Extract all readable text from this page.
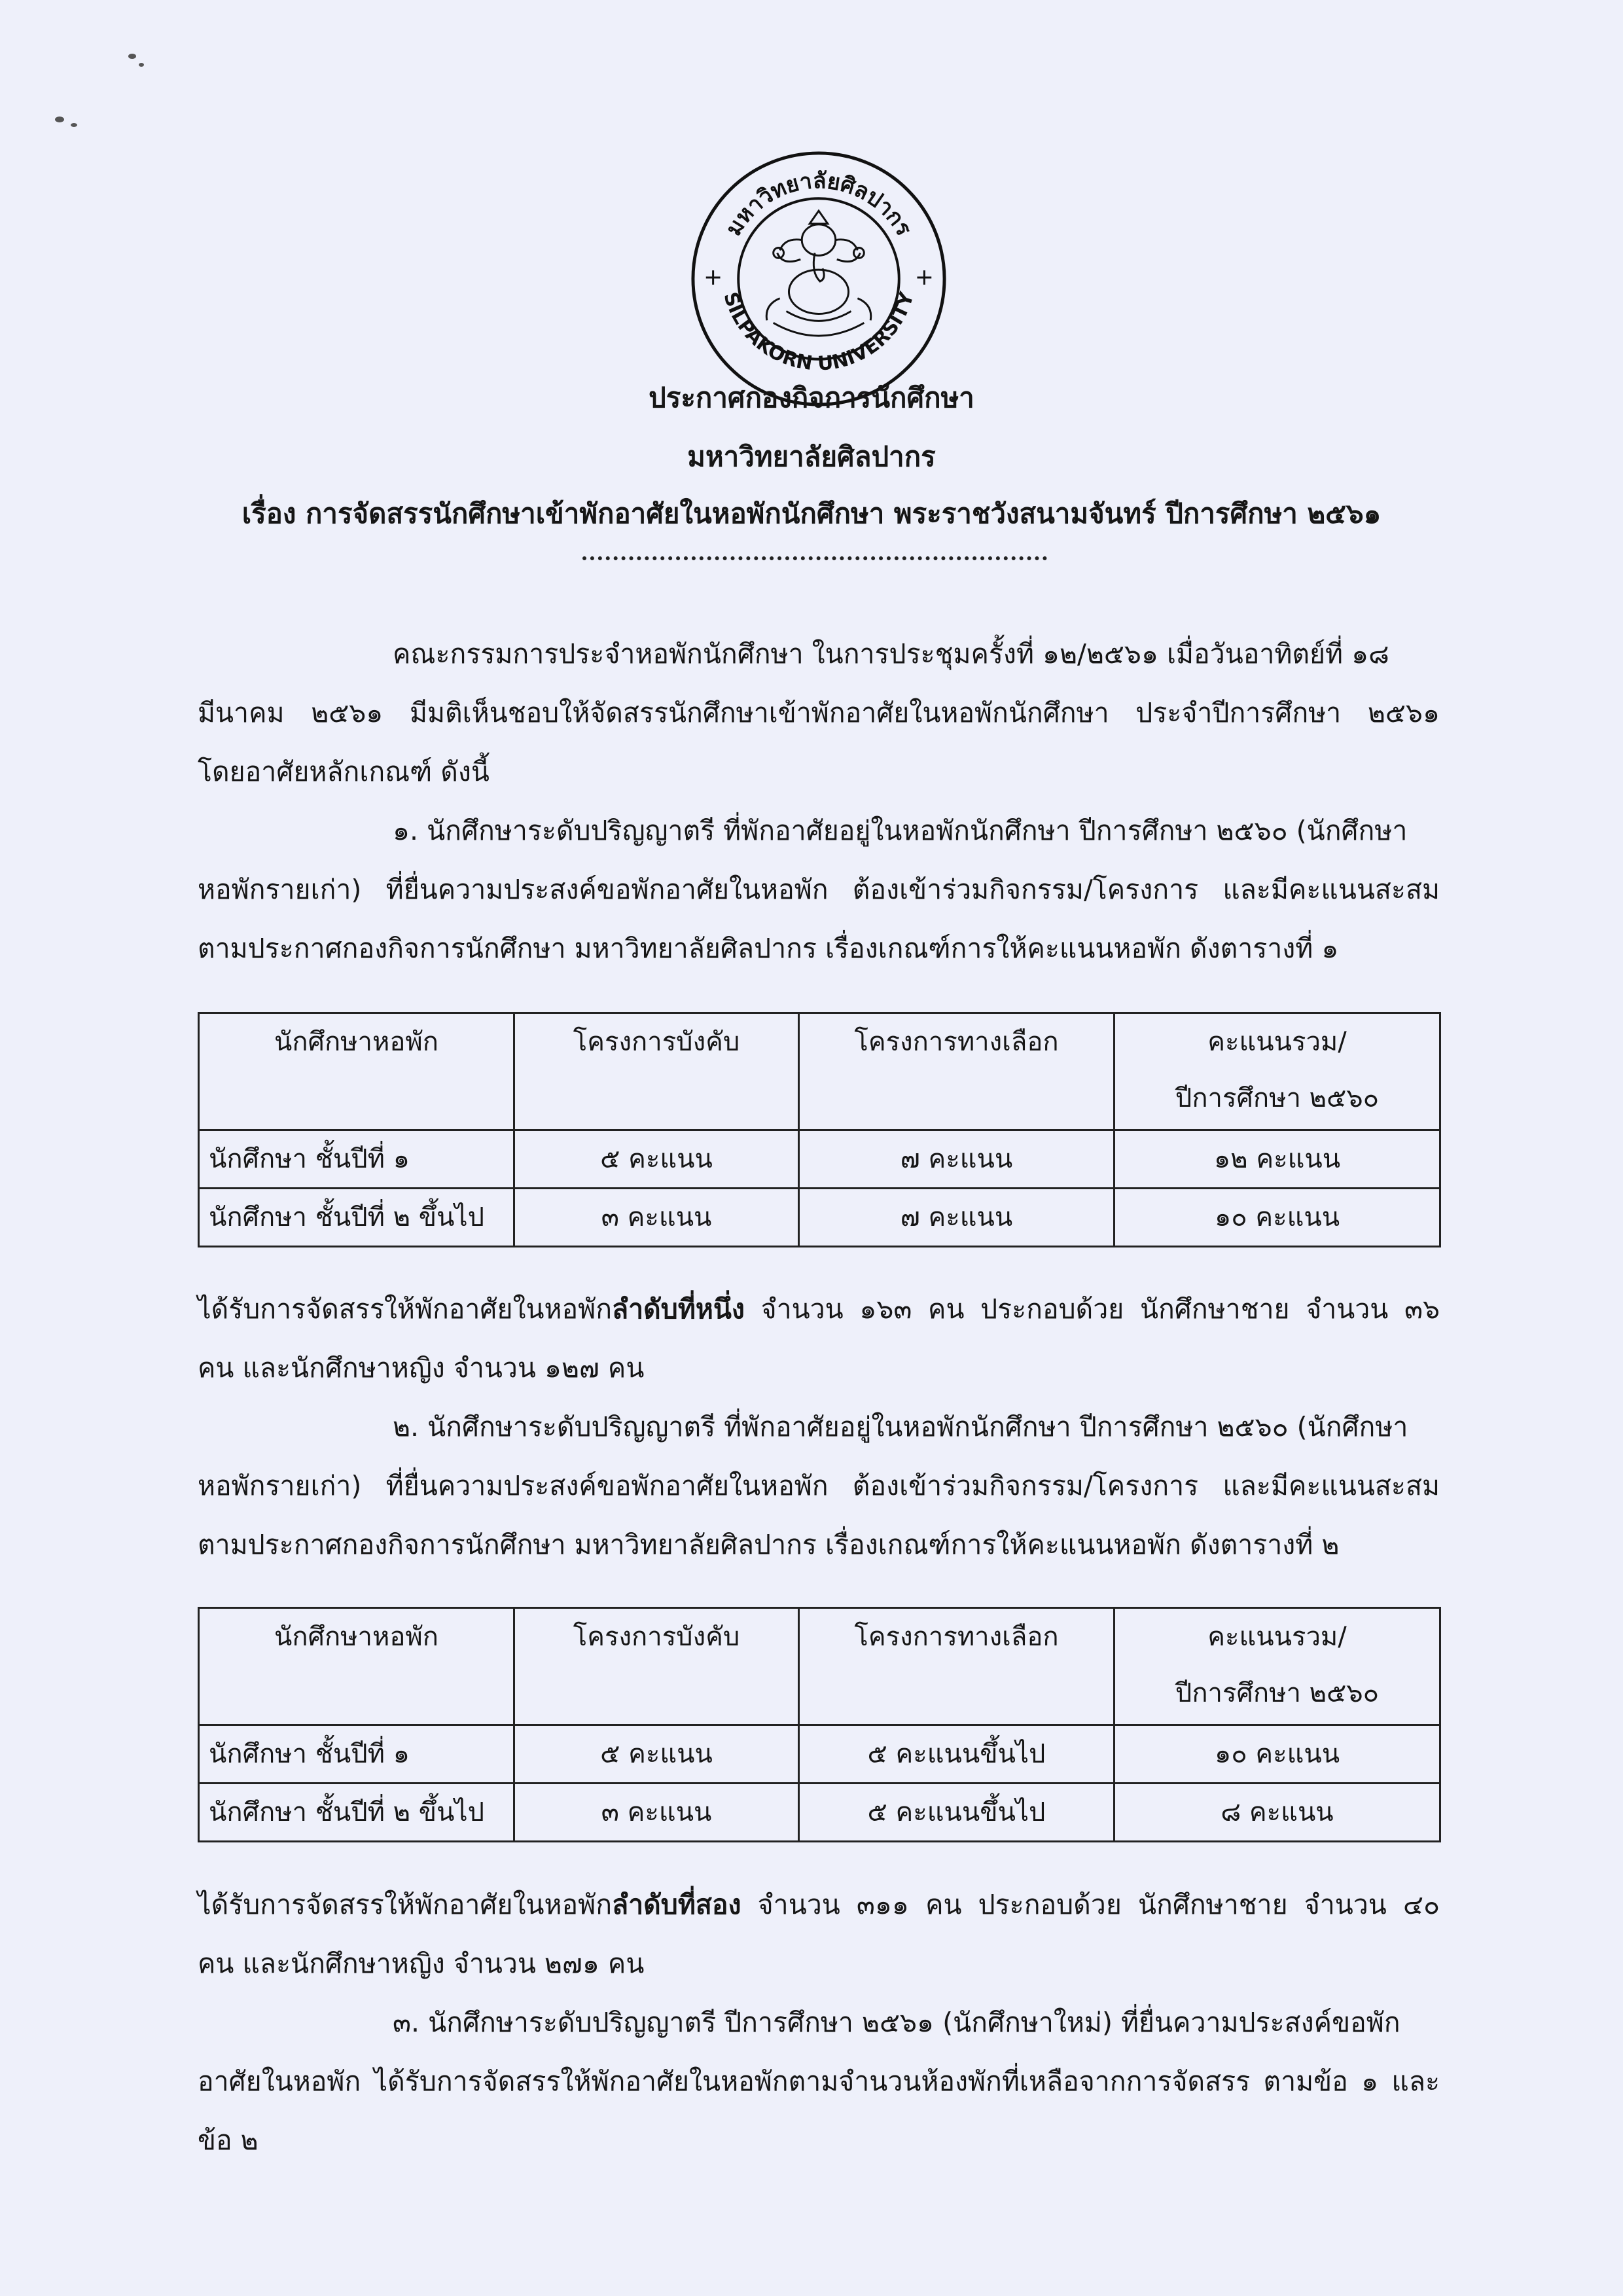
มหาวิทยาลัยศิลปากร
SILPAKORN UNIVERSITY
ประกาศกองกิจการนักศึกษา
มหาวิทยาลัยศิลปากร
เรื่อง การจัดสรรนักศึกษาเข้าพักอาศัยในหอพักนักศึกษา พระราชวังสนามจันทร์ ปีการศึกษา ๒๕๖๑

คณะกรรมการประจำหอพักนักศึกษา ในการประชุมครั้งที่ ๑๒/๒๕๖๑ เมื่อวันอาทิตย์ที่ ๑๘

มีนาคม ๒๕๖๑ มีมติเห็นชอบให้จัดสรรนักศึกษาเข้าพักอาศัยในหอพักนักศึกษา ประจำปีการศึกษา ๒๕๖๑

โดยอาศัยหลักเกณฑ์ ดังนี้

๑. นักศึกษาระดับปริญญาตรี ที่พักอาศัยอยู่ในหอพักนักศึกษา ปีการศึกษา ๒๕๖๐ (นักศึกษา

หอพักรายเก่า) ที่ยื่นความประสงค์ขอพักอาศัยในหอพัก ต้องเข้าร่วมกิจกรรม/โครงการ และมีคะแนนสะสม

ตามประกาศกองกิจการนักศึกษา มหาวิทยาลัยศิลปากร เรื่องเกณฑ์การให้คะแนนหอพัก ดังตารางที่ ๑

นักศึกษาหอพัก	โครงการบังคับ	โครงการทางเลือก	คะแนนรวม/
ปีการศึกษา ๒๕๖๐
นักศึกษา ชั้นปีที่ ๑	๕ คะแนน	๗ คะแนน	๑๒ คะแนน
นักศึกษา ชั้นปีที่ ๒ ขึ้นไป	๓ คะแนน	๗ คะแนน	๑๐ คะแนน

ได้รับการจัดสรรให้พักอาศัยในหอพักลำดับที่หนึ่ง จำนวน ๑๖๓ คน ประกอบด้วย นักศึกษาชาย จำนวน ๓๖

คน และนักศึกษาหญิง จำนวน ๑๒๗ คน

๒. นักศึกษาระดับปริญญาตรี ที่พักอาศัยอยู่ในหอพักนักศึกษา ปีการศึกษา ๒๕๖๐ (นักศึกษา

หอพักรายเก่า) ที่ยื่นความประสงค์ขอพักอาศัยในหอพัก ต้องเข้าร่วมกิจกรรม/โครงการ และมีคะแนนสะสม

ตามประกาศกองกิจการนักศึกษา มหาวิทยาลัยศิลปากร เรื่องเกณฑ์การให้คะแนนหอพัก ดังตารางที่ ๒

นักศึกษาหอพัก	โครงการบังคับ	โครงการทางเลือก	คะแนนรวม/
ปีการศึกษา ๒๕๖๐
นักศึกษา ชั้นปีที่ ๑	๕ คะแนน	๕ คะแนนขึ้นไป	๑๐ คะแนน
นักศึกษา ชั้นปีที่ ๒ ขึ้นไป	๓ คะแนน	๕ คะแนนขึ้นไป	๘ คะแนน

ได้รับการจัดสรรให้พักอาศัยในหอพักลำดับที่สอง จำนวน ๓๑๑ คน ประกอบด้วย นักศึกษาชาย จำนวน ๔๐

คน และนักศึกษาหญิง จำนวน ๒๗๑ คน

๓. นักศึกษาระดับปริญญาตรี ปีการศึกษา ๒๕๖๑ (นักศึกษาใหม่) ที่ยื่นความประสงค์ขอพัก

อาศัยในหอพัก ได้รับการจัดสรรให้พักอาศัยในหอพักตามจำนวนห้องพักที่เหลือจากการจัดสรร ตามข้อ ๑ และ

ข้อ ๒
